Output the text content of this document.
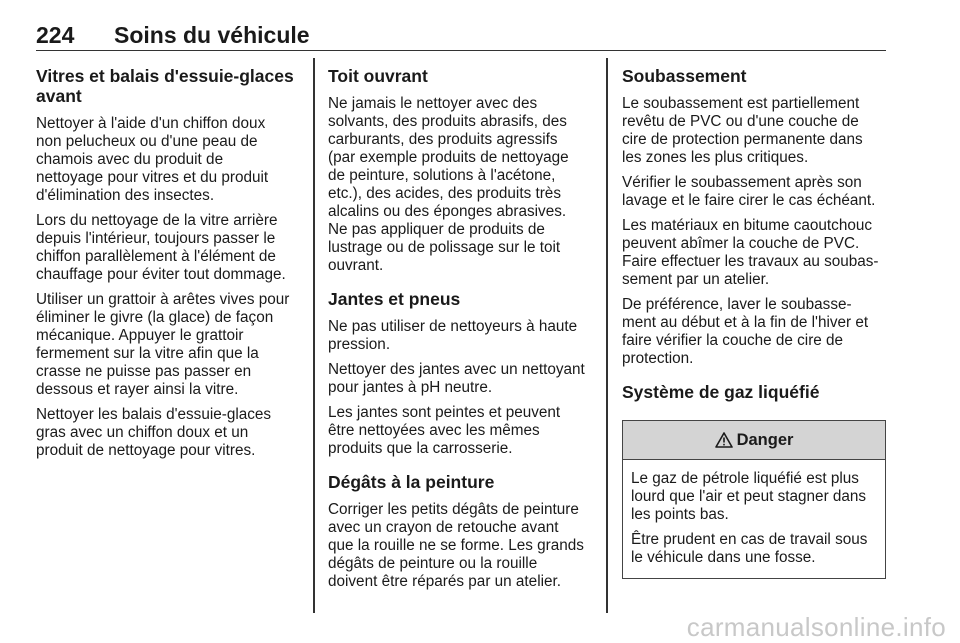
224 Soins du véhicule
Vitres et balais d'essuie-glaces
avant

Nettoyer à l'aide d'un chiffon doux
non pelucheux ou d'une peau de
chamois avec du produit de
nettoyage pour vitres et du produit
d'élimination des insectes.

Lors du nettoyage de la vitre arrière
depuis l'intérieur, toujours passer le
chiffon parallèlement à l'élément de
chauffage pour éviter tout dommage.

Utiliser un grattoir à arêtes vives pour
éliminer le givre (la glace) de façon
mécanique. Appuyer le grattoir
fermement sur la vitre afin que la
crasse ne puisse pas passer en
dessous et rayer ainsi la vitre.

Nettoyer les balais d'essuie-glaces
gras avec un chiffon doux et un
produit de nettoyage pour vitres.

Toit ouvrant

Ne jamais le nettoyer avec des
solvants, des produits abrasifs, des
carburants, des produits agressifs
(par exemple produits de nettoyage
de peinture, solutions à l'acétone,
etc.), des acides, des produits très
alcalins ou des éponges abrasives.
Ne pas appliquer de produits de
lustrage ou de polissage sur le toit
ouvrant.

Jantes et pneus

Ne pas utiliser de nettoyeurs à haute
pression.

Nettoyer des jantes avec un nettoyant
pour jantes à pH neutre.

Les jantes sont peintes et peuvent
être nettoyées avec les mêmes
produits que la carrosserie.

Dégâts à la peinture

Corriger les petits dégâts de peinture
avec un crayon de retouche avant
que la rouille ne se forme. Les grands
dégâts de peinture ou la rouille
doivent être réparés par un atelier.

Soubassement

Le soubassement est partiellement
revêtu de PVC ou d'une couche de
cire de protection permanente dans
les zones les plus critiques.

Vérifier le soubassement après son
lavage et le faire cirer le cas échéant.

Les matériaux en bitume caoutchouc
peuvent abîmer la couche de PVC.
Faire effectuer les travaux au soubas-
sement par un atelier.

De préférence, laver le soubasse-
ment au début et à la fin de l'hiver et
faire vérifier la couche de cire de
protection.

Système de gaz liquéfié
Danger

Le gaz de pétrole liquéfié est plus
lourd que l'air et peut stagner dans
les points bas.

Être prudent en cas de travail sous
le véhicule dans une fosse.

carmanualsonline.info
